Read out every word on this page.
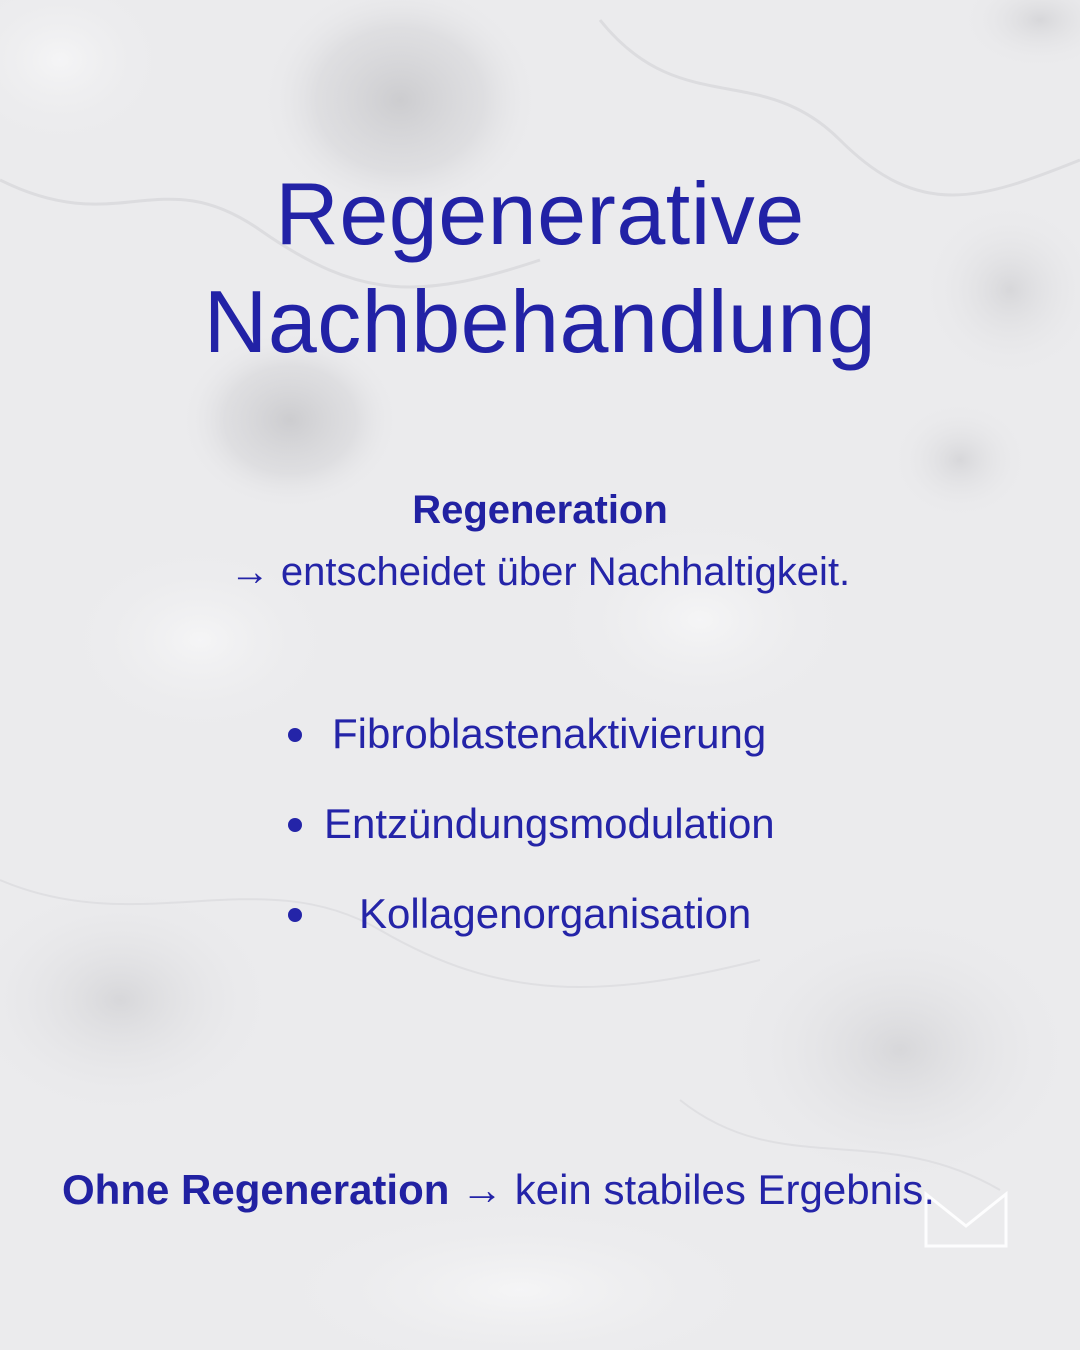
Regenerative
Nachbehandlung
Regeneration
→ entscheidet über Nachhaltigkeit.
Fibroblastenaktivierung
Entzündungsmodulation
Kollagenorganisation
Ohne Regeneration → kein stabiles Ergebnis.
